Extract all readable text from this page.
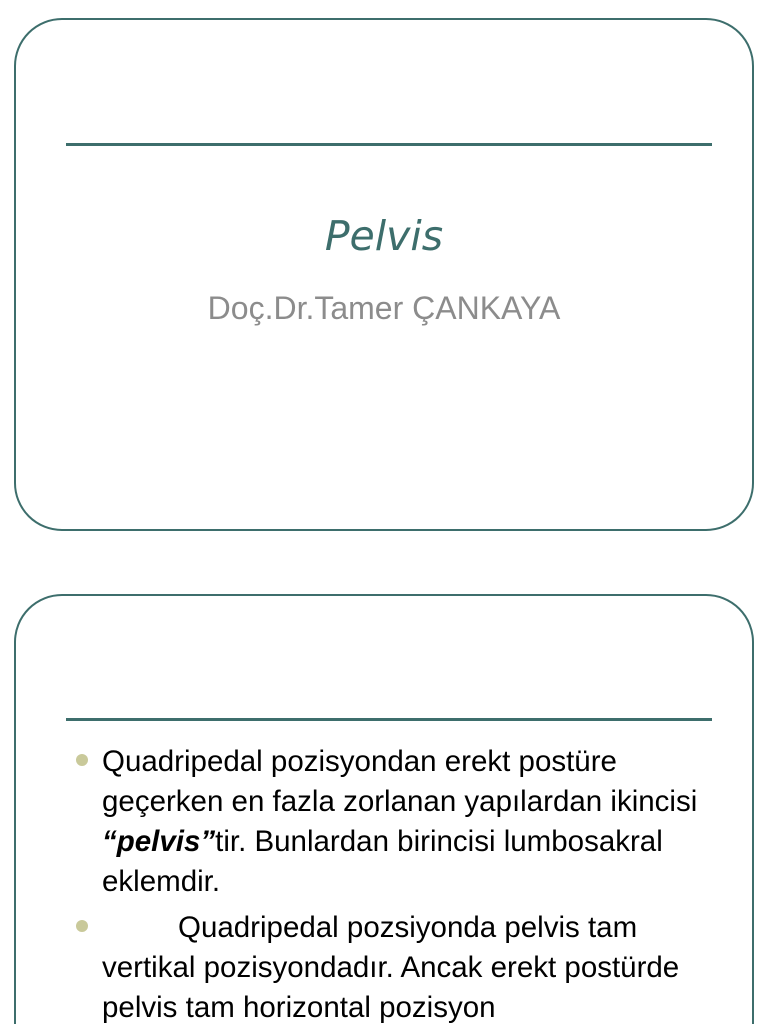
Pelvis
Doç.Dr.Tamer ÇANKAYA
Quadripedal pozisyondan erekt postüre geçerken en fazla zorlanan yapılardan ikincisi “pelvis”tir. Bunlardan birincisi lumbosakral eklemdir.
Quadripedal pozsiyonda pelvis tam vertikal pozisyondadır. Ancak erekt postürde pelvis tam horizontal pozisyon
